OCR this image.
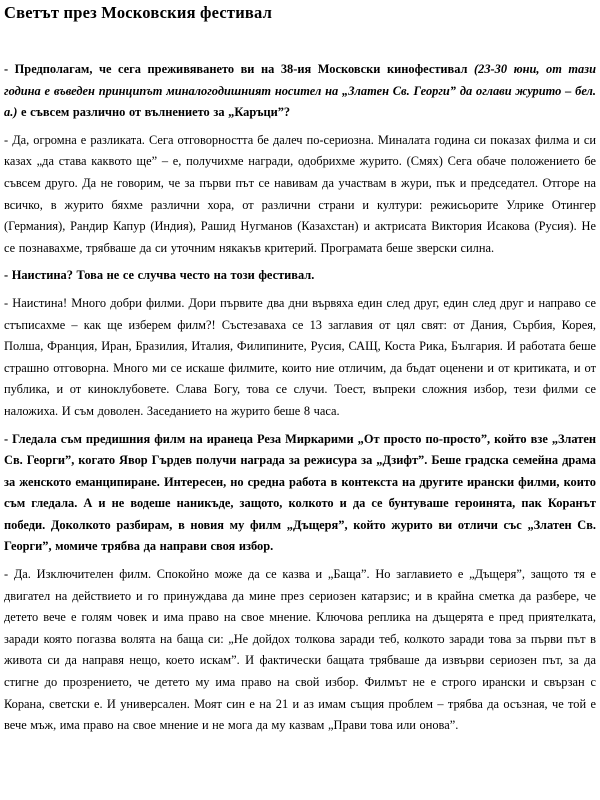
Светът през Московския фестивал

- Предполагам, че сега преживяването ви на 38-ия Московски кинофестивал (23-30 юни, от тази година е въведен принципът миналогодишният носител на „Златен Св. Георги” да оглави журито – бел. а.) е съвсем различно от вълнението за „Каръци”?

- Да, огромна е разликата. Сега отговорността бе далеч по-сериозна. Миналата година си показах филма и си казах „да става каквото ще” – е, получихме награди, одобрихме журито. (Смях) Сега обаче положението бе съвсем друго. Да не говорим, че за първи път се навивам да участвам в жури, пък и председател. Отгоре на всичко, в журито бяхме различни хора, от различни страни и култури: режисьорите Улрике Отингер (Германия), Рандир Капур (Индия), Рашид Нугманов (Казахстан) и актрисата Виктория Исакова (Русия). Не се познавахме, трябваше да си уточним някакъв критерий. Програмата беше зверски силна.

- Наистина? Това не се случва често на този фестивал.

- Наистина! Много добри филми. Дори първите два дни вървяха един след друг, един след друг и направо се стъписахме – как ще изберем филм?! Състезаваха се 13 заглавия от цял свят: от Дания, Сърбия, Корея, Полша, Франция, Иран, Бразилия, Италия, Филипините, Русия, САЩ, Коста Рика, България. И работата беше страшно отговорна. Много ми се искаше филмите, които ние отличим, да бъдат оценени и от критиката, и от публика, и от киноклубовете. Слава Богу, това се случи. Тоест, въпреки сложния избор, тези филми се наложиха. И съм доволен. Заседанието на журито беше 8 часа.

- Гледала съм предишния филм на иранеца Реза Миркарими „От просто по-просто”, който взе „Златен Св. Георги”, когато Явор Гърдев получи награда за режисура за „Дзифт”. Беше градска семейна драма за женското еманципиране. Интересен, но средна работа в контекста на другите ирански филми, които съм гледала. А и не водеше наникъде, защото, колкото и да се бунтуваше героинята, пак Коранът победи. Доколкото разбирам, в новия му филм „Дъщеря”, който журито ви отличи със „Златен Св. Георги”, момиче трябва да направи своя избор.

- Да. Изключителен филм. Спокойно може да се казва и „Баща”. Но заглавието е „Дъщеря”, защото тя е двигател на действието и го принуждава да мине през сериозен катарзис; и в крайна сметка да разбере, че детето вече е голям човек и има право на свое мнение. Ключова реплика на дъщерята е пред приятелката, заради която погазва волята на баща си: „Не дойдох толкова заради теб, колкото заради това за първи път в живота си да направя нещо, което искам”. И фактически бащата трябваше да извърви сериозен път, за да стигне до прозрението, че детето му има право на свой избор. Филмът не е строго ирански и свързан с Корана, светски е. И универсален. Моят син е на 21 и аз имам същия проблем – трябва да осъзная, че той е вече мъж, има право на свое мнение и не мога да му казвам „Прави това или онова”.
